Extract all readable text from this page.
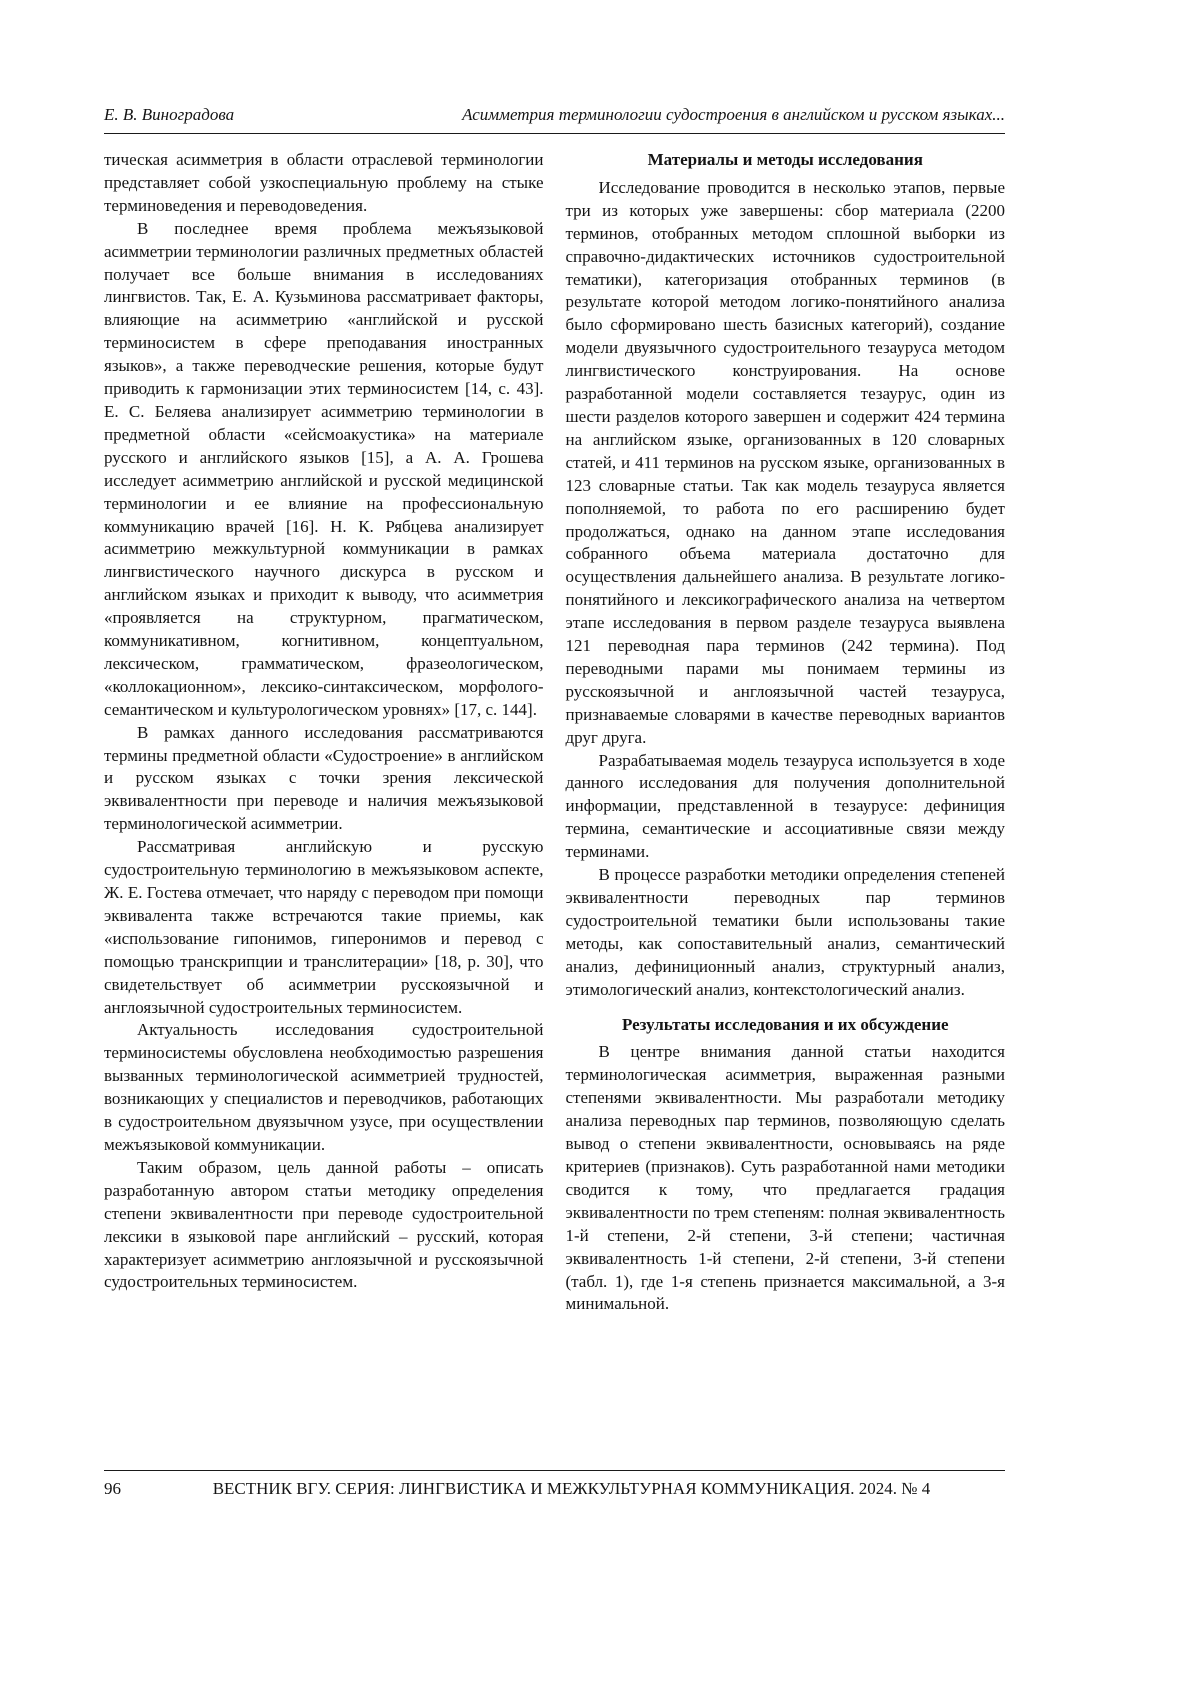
Е. В. Виноградова	Асимметрия терминологии судостроения в английском и русском языках...

тическая асимметрия в области отраслевой терминологии представляет собой узкоспециальную проблему на стыке терминоведения и переводоведения.

В последнее время проблема межъязыковой асимметрии терминологии различных предметных областей получает все больше внимания в исследованиях лингвистов. Так, Е. А. Кузьминова рассматривает факторы, влияющие на асимметрию «английской и русской терминосистем в сфере преподавания иностранных языков», а также переводческие решения, которые будут приводить к гармонизации этих терминосистем [14, с. 43]. Е. С. Беляева анализирует асимметрию терминологии в предметной области «сейсмоакустика» на материале русского и английского языков [15], а А. А. Грошева исследует асимметрию английской и русской медицинской терминологии и ее влияние на профессиональную коммуникацию врачей [16]. Н. К. Рябцева анализирует асимметрию межкультурной коммуникации в рамках лингвистического научного дискурса в русском и английском языках и приходит к выводу, что асимметрия «проявляется на структурном, прагматическом, коммуникативном, когнитивном, концептуальном, лексическом, грамматическом, фразеологическом, «коллокационном», лексико-синтаксическом, морфолого-семантическом и культурологическом уровнях» [17, с. 144].

В рамках данного исследования рассматриваются термины предметной области «Судостроение» в английском и русском языках с точки зрения лексической эквивалентности при переводе и наличия межъязыковой терминологической асимметрии.

Рассматривая английскую и русскую судостроительную терминологию в межъязыковом аспекте, Ж. Е. Гостева отмечает, что наряду с переводом при помощи эквивалента также встречаются такие приемы, как «использование гипонимов, гиперонимов и перевод с помощью транскрипции и транслитерации» [18, p. 30], что свидетельствует об асимметрии русскоязычной и англоязычной судостроительных терминосистем.

Актуальность исследования судостроительной терминосистемы обусловлена необходимостью разрешения вызванных терминологической асимметрией трудностей, возникающих у специалистов и переводчиков, работающих в судостроительном двуязычном узусе, при осуществлении межъязыковой коммуникации.

Таким образом, цель данной работы – описать разработанную автором статьи методику определения степени эквивалентности при переводе судостроительной лексики в языковой паре английский – русский, которая характеризует асимметрию англоязычной и русскоязычной судостроительных терминосистем.

Материалы и методы исследования

Исследование проводится в несколько этапов, первые три из которых уже завершены: сбор материала (2200 терминов, отобранных методом сплошной выборки из справочно-дидактических источников судостроительной тематики), категоризация отобранных терминов (в результате которой методом логико-понятийного анализа было сформировано шесть базисных категорий), создание модели двуязычного судостроительного тезауруса методом лингвистического конструирования. На основе разработанной модели составляется тезаурус, один из шести разделов которого завершен и содержит 424 термина на английском языке, организованных в 120 словарных статей, и 411 терминов на русском языке, организованных в 123 словарные статьи. Так как модель тезауруса является пополняемой, то работа по его расширению будет продолжаться, однако на данном этапе исследования собранного объема материала достаточно для осуществления дальнейшего анализа. В результате логико-понятийного и лексикографического анализа на четвертом этапе исследования в первом разделе тезауруса выявлена 121 переводная пара терминов (242 термина). Под переводными парами мы понимаем термины из русскоязычной и англоязычной частей тезауруса, признаваемые словарями в качестве переводных вариантов друг друга.

Разрабатываемая модель тезауруса используется в ходе данного исследования для получения дополнительной информации, представленной в тезаурусе: дефиниция термина, семантические и ассоциативные связи между терминами.

В процессе разработки методики определения степеней эквивалентности переводных пар терминов судостроительной тематики были использованы такие методы, как сопоставительный анализ, семантический анализ, дефиниционный анализ, структурный анализ, этимологический анализ, контекстологический анализ.

Результаты исследования и их обсуждение

В центре внимания данной статьи находится терминологическая асимметрия, выраженная разными степенями эквивалентности. Мы разработали методику анализа переводных пар терминов, позволяющую сделать вывод о степени эквивалентности, основываясь на ряде критериев (признаков). Суть разработанной нами методики сводится к тому, что предлагается градация эквивалентности по трем степеням: полная эквивалентность 1-й степени, 2-й степени, 3-й степени; частичная эквивалентность 1-й степени, 2-й степени, 3-й степени (табл. 1), где 1-я степень признается максимальной, а 3-я минимальной.

96	ВЕСТНИК ВГУ. СЕРИЯ: ЛИНГВИСТИКА И МЕЖКУЛЬТУРНАЯ КОММУНИКАЦИЯ. 2024. № 4
